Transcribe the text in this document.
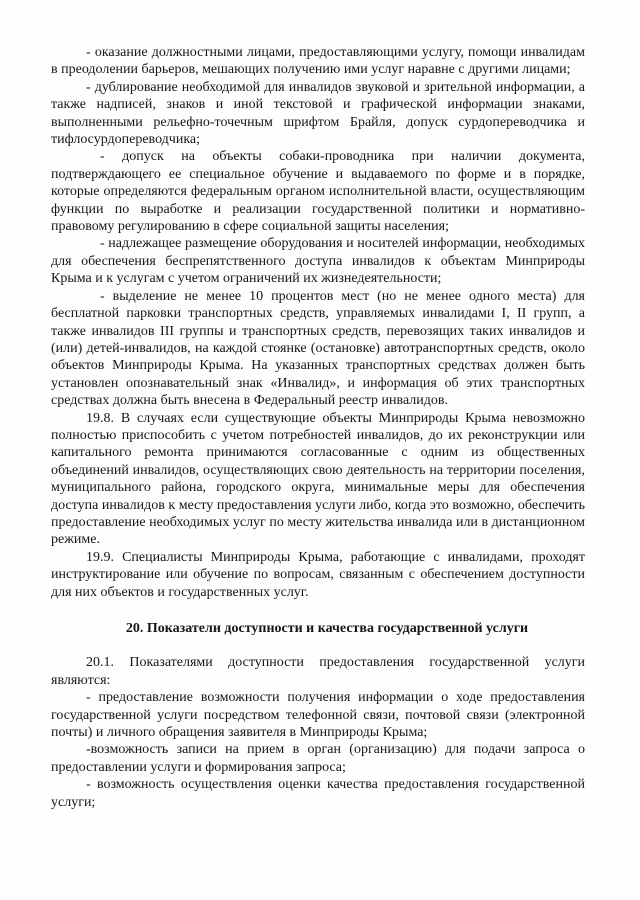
- оказание должностными лицами, предоставляющими услугу, помощи инвалидам в преодолении барьеров, мешающих получению ими услуг наравне с другими лицами;

- дублирование необходимой для инвалидов звуковой и зрительной информации, а также надписей, знаков и иной текстовой и графической информации знаками, выполненными рельефно-точечным шрифтом Брайля, допуск сурдопереводчика и тифлосурдопереводчика;

- допуск на объекты собаки-проводника при наличии документа, подтверждающего ее специальное обучение и выдаваемого по форме и в порядке, которые определяются федеральным органом исполнительной власти, осуществляющим функции по выработке и реализации государственной политики и нормативно-правовому регулированию в сфере социальной защиты населения;

- надлежащее размещение оборудования и носителей информации, необходимых для обеспечения беспрепятственного доступа инвалидов к объектам Минприроды Крыма и к услугам с учетом ограничений их жизнедеятельности;

- выделение не менее 10 процентов мест (но не менее одного места) для бесплатной парковки транспортных средств, управляемых инвалидами I, II групп, а также инвалидов III группы и транспортных средств, перевозящих таких инвалидов и (или) детей-инвалидов, на каждой стоянке (остановке) автотранспортных средств, около объектов Минприроды Крыма. На указанных транспортных средствах должен быть установлен опознавательный знак «Инвалид», и информация об этих транспортных средствах должна быть внесена в Федеральный реестр инвалидов.

19.8. В случаях если существующие объекты Минприроды Крыма невозможно полностью приспособить с учетом потребностей инвалидов, до их реконструкции или капитального ремонта принимаются согласованные с одним из общественных объединений инвалидов, осуществляющих свою деятельность на территории поселения, муниципального района, городского округа, минимальные меры для обеспечения доступа инвалидов к месту предоставления услуги либо, когда это возможно, обеспечить предоставление необходимых услуг по месту жительства инвалида или в дистанционном режиме.

19.9. Специалисты Минприроды Крыма, работающие с инвалидами, проходят инструктирование или обучение по вопросам, связанным с обеспечением доступности для них объектов и государственных услуг.

20. Показатели доступности и качества государственной услуги

20.1. Показателями доступности предоставления государственной услуги являются:

- предоставление возможности получения информации о ходе предоставления государственной услуги посредством телефонной связи, почтовой связи (электронной почты) и личного обращения заявителя в Минприроды Крыма;

-возможность записи на прием в орган (организацию) для подачи запроса о предоставлении услуги и формирования запроса;

- возможность осуществления оценки качества предоставления государственной услуги;
